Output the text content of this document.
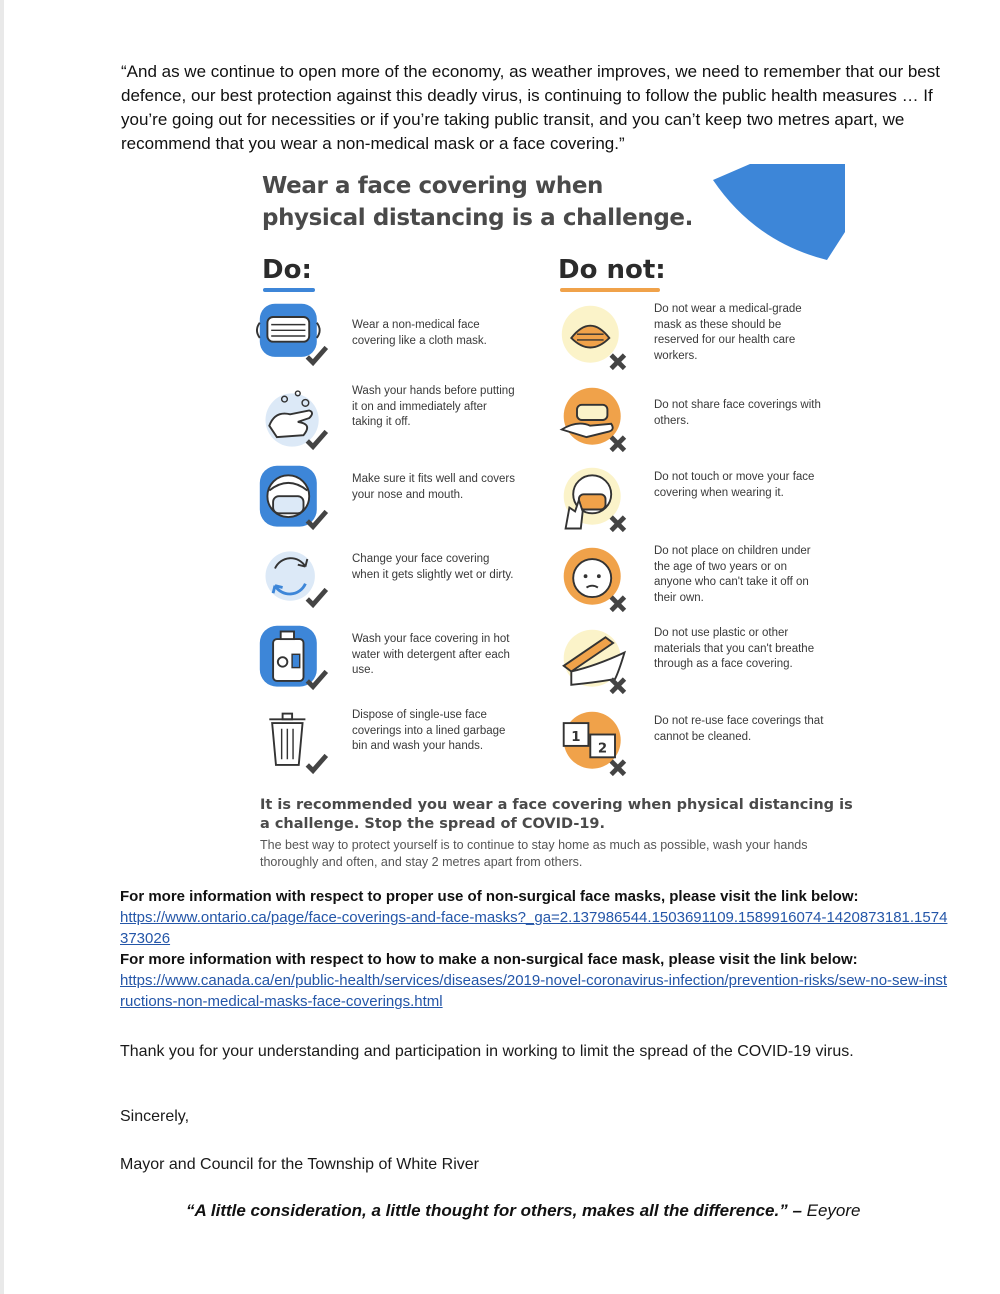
“And as we continue to open more of the economy, as weather improves, we need to remember that our best defence, our best protection against this deadly virus, is continuing to follow the public health measures … If you’re going out for necessities or if you’re taking public transit, and you can’t keep two metres apart, we recommend that you wear a non-medical mask or a face covering.”

Wear a face covering when
physical distancing is a challenge.
Do:	Do not:
Wear a non-medical face covering like a cloth mask.
Wash your hands before putting it on and immediately after taking it off.
Make sure it fits well and covers your nose and mouth.
Change your face covering when it gets slightly wet or dirty.
Wash your face covering in hot water with detergent after each use.
Dispose of single-use face coverings into a lined garbage bin and wash your hands.
Do not wear a medical-grade mask as these should be reserved for our health care workers.
Do not share face coverings with others.
Do not touch or move your face covering when wearing it.
Do not place on children under the age of two years or on anyone who can't take it off on their own.
Do not use plastic or other materials that you can't breathe through as a face covering.
1
2
Do not re-use face coverings that cannot be cleaned.
It is recommended you wear a face covering when physical distancing is a challenge. Stop the spread of COVID-19.
The best way to protect yourself is to continue to stay home as much as possible, wash your hands thoroughly and often, and stay 2 metres apart from others.
For more information with respect to proper use of non-surgical face masks, please visit the link below:
https://www.ontario.ca/page/face-coverings-and-face-masks?_ga=2.137986544.1503691109.1589916074-1420873181.1574373026
For more information with respect to how to make a non-surgical face mask, please visit the link below:
https://www.canada.ca/en/public-health/services/diseases/2019-novel-coronavirus-infection/prevention-risks/sew-no-sew-instructions-non-medical-masks-face-coverings.html

Thank you for your understanding and participation in working to limit the spread of the COVID-19 virus.

Sincerely,

Mayor and Council for the Township of White River

“A little consideration, a little thought for others, makes all the difference.” – Eeyore
